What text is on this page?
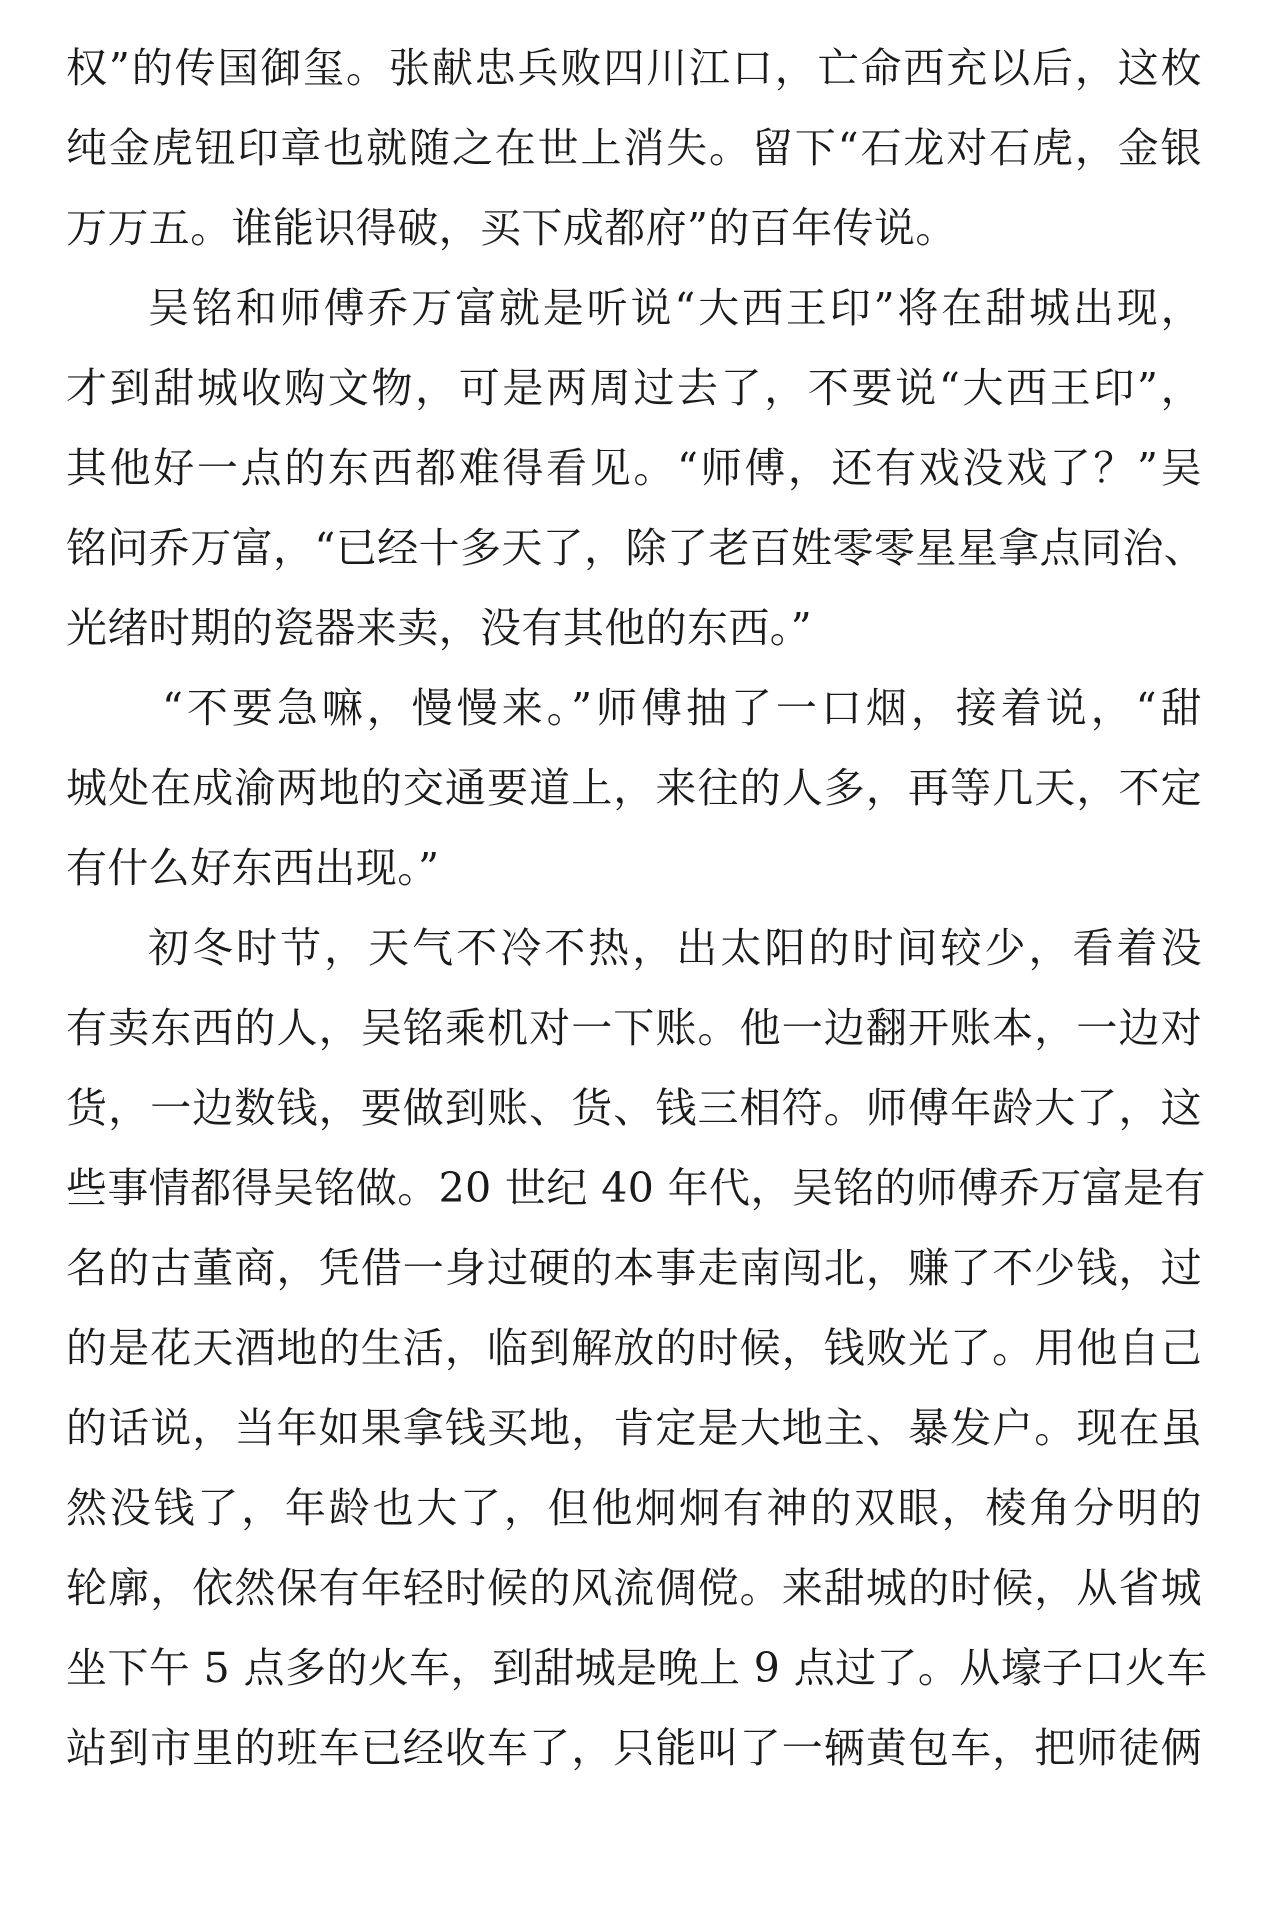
权”的传国御玺。张献忠兵败四川江口，亡命西充以后，这枚
纯金虎钮印章也就随之在世上消失。留下“石龙对石虎，金银
万万五。谁能识得破，买下成都府”的百年传说。
吴铭和师傅乔万富就是听说“大西王印”将在甜城出现，
才到甜城收购文物，可是两周过去了，不要说“大西王印”，
其他好一点的东西都难得看见。“师傅，还有戏没戏了？”吴
铭问乔万富，“已经十多天了，除了老百姓零零星星拿点同治、
光绪时期的瓷器来卖，没有其他的东西。”
“不要急嘛，慢慢来。”师傅抽了一口烟，接着说，“甜
城处在成渝两地的交通要道上，来往的人多，再等几天，不定
有什么好东西出现。”
初冬时节，天气不冷不热，出太阳的时间较少，看着没
有卖东西的人，吴铭乘机对一下账。他一边翻开账本，一边对
货，一边数钱，要做到账、货、钱三相符。师傅年龄大了，这
些事情都得吴铭做。20 世纪 40 年代，吴铭的师傅乔万富是有
名的古董商，凭借一身过硬的本事走南闯北，赚了不少钱，过
的是花天酒地的生活，临到解放的时候，钱败光了。用他自己
的话说，当年如果拿钱买地，肯定是大地主、暴发户。现在虽
然没钱了，年龄也大了，但他炯炯有神的双眼，棱角分明的
轮廓，依然保有年轻时候的风流倜傥。来甜城的时候，从省城
坐下午 5 点多的火车，到甜城是晚上 9 点过了。从壕子口火车
站到市里的班车已经收车了，只能叫了一辆黄包车，把师徒俩
